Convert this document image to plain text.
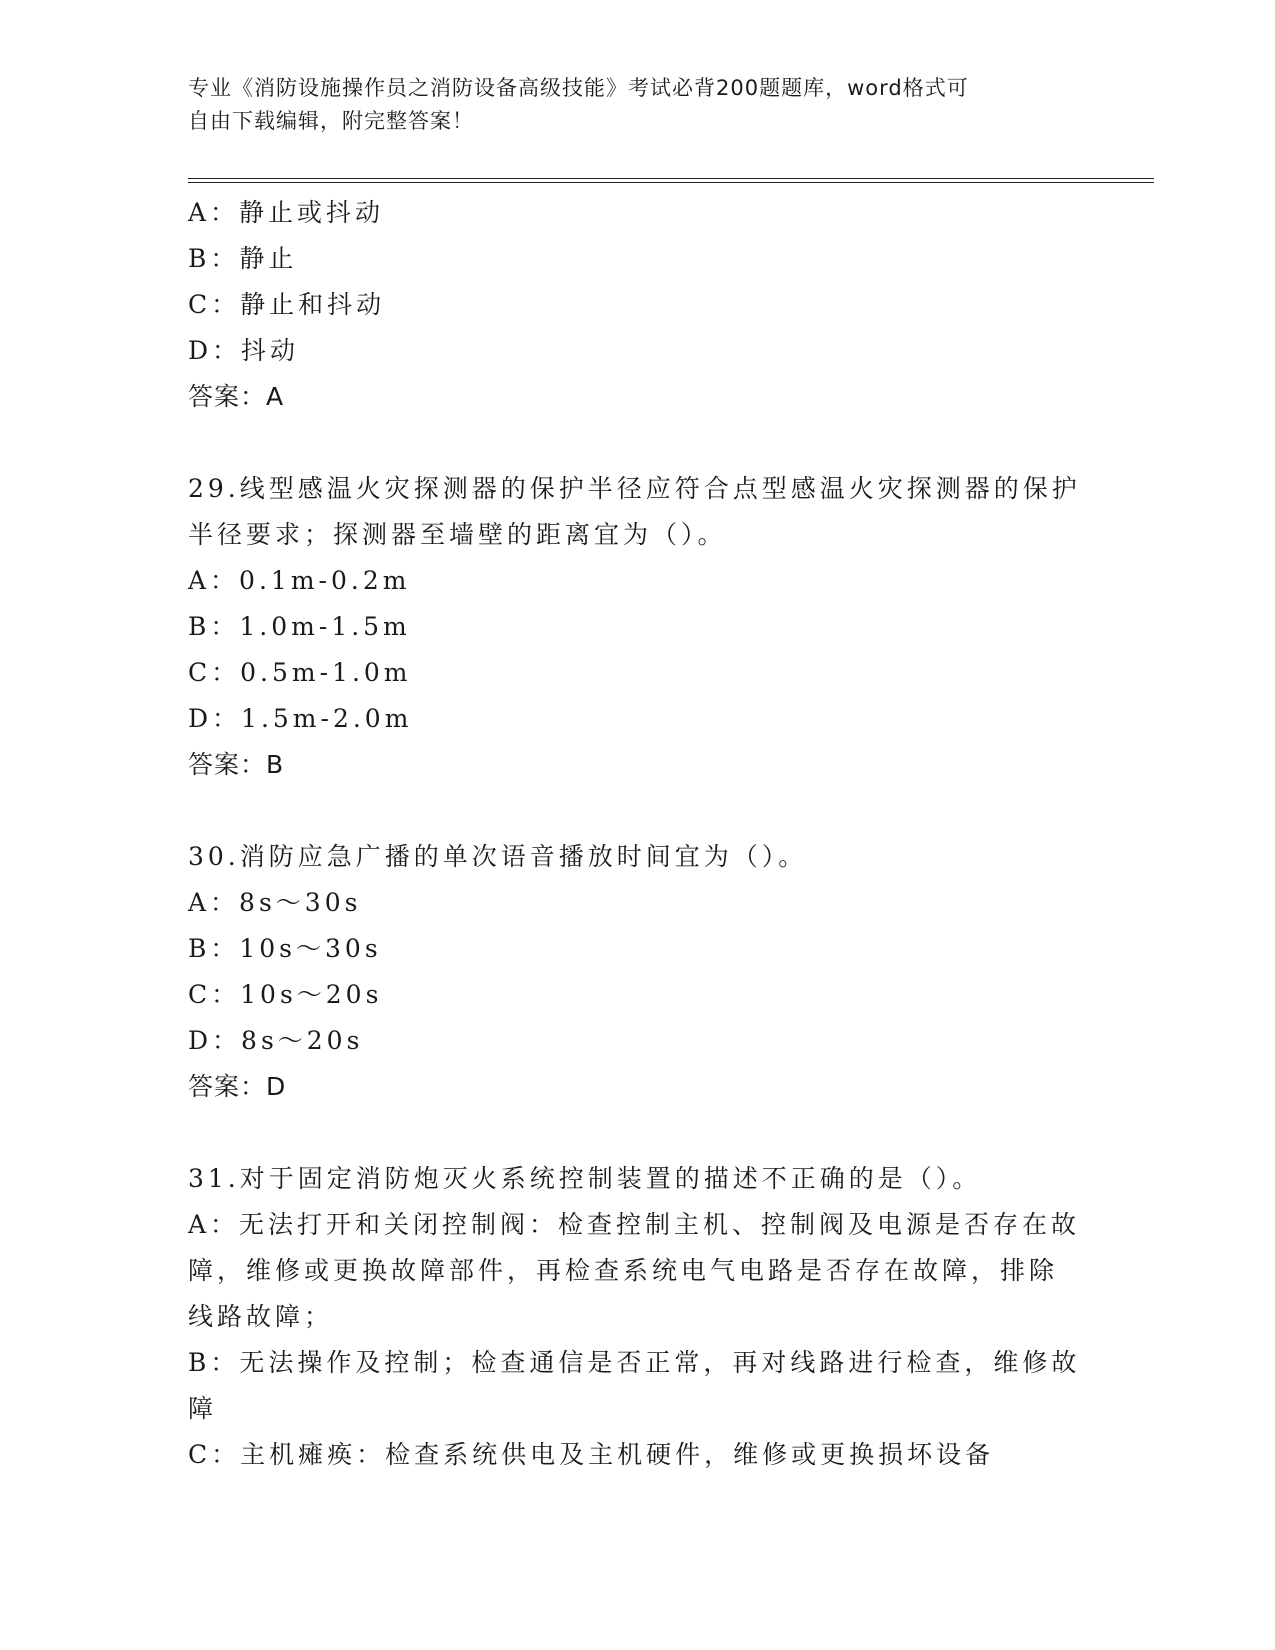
专业《消防设施操作员之消防设备高级技能》考试必背200题题库，word格式可
自由下载编辑，附完整答案！
A：静止或抖动
B：静止
C：静止和抖动
D：抖动
答案：A
29.线型感温火灾探测器的保护半径应符合点型感温火灾探测器的保护
半径要求；探测器至墙壁的距离宜为（）。
A：0.1m-0.2m
B：1.0m-1.5m
C：0.5m-1.0m
D：1.5m-2.0m
答案：B
30.消防应急广播的单次语音播放时间宜为（）。
A：8s～30s
B：10s～30s
C：10s～20s
D：8s～20s
答案：D
31.对于固定消防炮灭火系统控制装置的描述不正确的是（）。
A：无法打开和关闭控制阀：检查控制主机、控制阀及电源是否存在故
障，维修或更换故障部件，再检查系统电气电路是否存在故障，排除
线路故障；
B：无法操作及控制；检查通信是否正常，再对线路进行检查，维修故
障
C：主机瘫痪：检查系统供电及主机硬件，维修或更换损坏设备
